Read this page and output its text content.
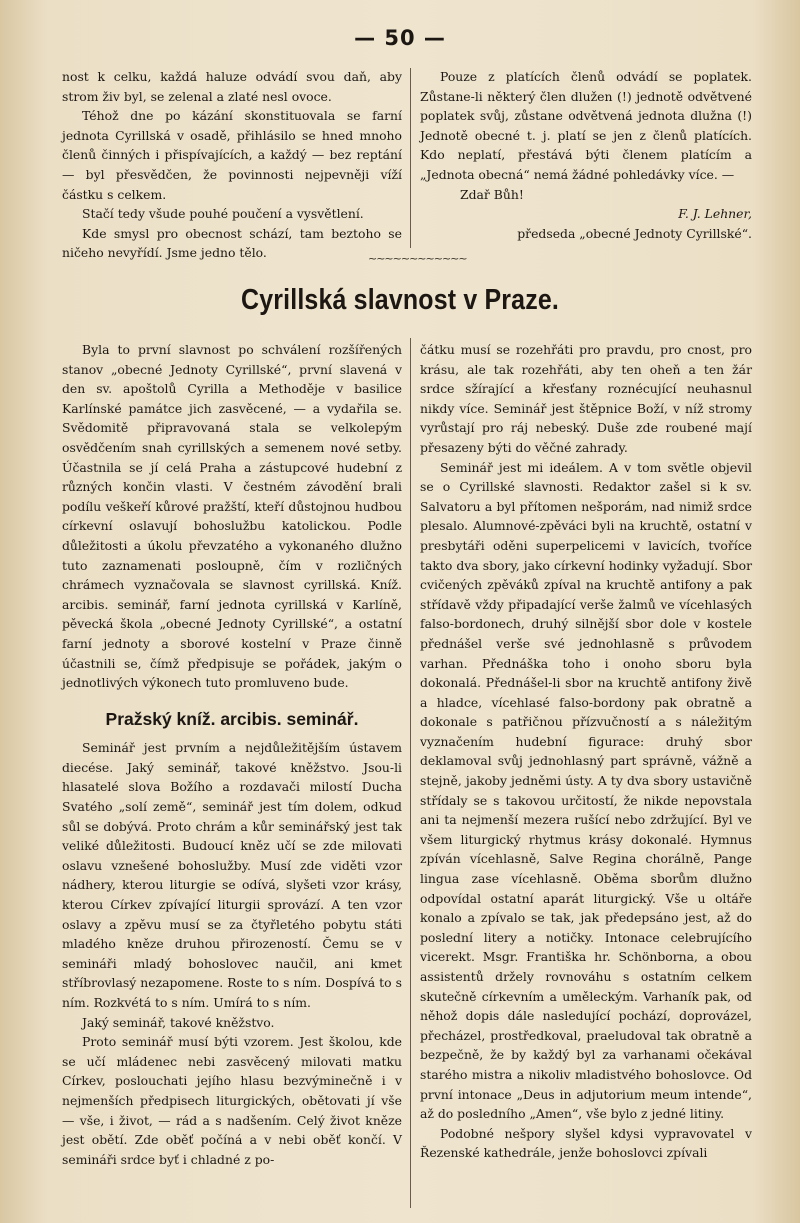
— 50 —

nost k celku, každá haluze odvádí svou daň, aby strom živ byl, se zelenal a zlaté nesl ovoce.

Téhož dne po kázání skonstituovala se farní jednota Cyrillská v osadě, přihlásilo se hned mnoho členů činných i přispívajících, a každý — bez reptání — byl přesvědčen, že povinnosti nejpevněji víží částku s celkem.

Stačí tedy všude pouhé poučení a vysvětlení.

Kde smysl pro obecnost schází, tam beztoho se ničeho nevyřídí. Jsme jedno tělo.

Pouze z platících členů odvádí se poplatek. Zůstane-li některý člen dlužen (!) jednotě odvětvené poplatek svůj, zůstane odvětvená jednota dlužna (!) Jednotě obecné t. j. platí se jen z členů platících. Kdo neplatí, přestává býti členem platícím a „Jednota obecná“ nemá žádné pohledávky více. —

Zdař Bůh!

F. J. Lehner,
předseda „obecné Jednoty Cyrillské“.
~~~~~~~~~~~~
Cyrillská slavnost v Praze.

Byla to první slavnost po schválení rozšířených stanov „obecné Jednoty Cyrillské“, první slavená v den sv. apoštolů Cyrilla a Methoděje v basilice Karlínské památce jich zasvěcené, — a vydařila se. Svědomitě připravovaná stala se velkolepým osvědčením snah cyrillských a semenem nové setby. Účastnila se jí celá Praha a zástupcové hudební z různých končin vlasti. V čestném závodění brali podílu veškeří kůrové pražští, kteří důstojnou hudbou církevní oslavují bohoslužbu katolickou. Podle důležitosti a úkolu převzatého a vykonaného dlužno tuto zaznamenati posloupně, čím v rozličných chrámech vyznačovala se slavnost cyrillská. Kníž. arcibis. seminář, farní jednota cyrillská v Karlíně, pěvecká škola „obecné Jednoty Cyrillské“, a ostatní farní jednoty a sborové kostelní v Praze činně účastnili se, čímž předpisuje se pořádek, jakým o jednotlivých výkonech tuto promluveno bude.

Pražský kníž. arcibis. seminář.

Seminář jest prvním a nejdůležitějším ústavem diecése. Jaký seminář, takové kněžstvo. Jsou-li hlasatelé slova Božího a rozdavači milostí Ducha Svatého „solí země“, seminář jest tím dolem, odkud sůl se dobývá. Proto chrám a kůr seminářský jest tak veliké důležitosti. Budoucí kněz učí se zde milovati oslavu vznešené bohoslužby. Musí zde viděti vzor nádhery, kterou liturgie se odívá, slyšeti vzor krásy, kterou Církev zpívající liturgii sprovází. A ten vzor oslavy a zpěvu musí se za čtyřletého pobytu státi mladého kněze druhou přirozeností. Čemu se v semináři mladý bohoslovec naučil, ani kmet stříbrovlasý nezapomene. Roste to s ním. Dospívá to s ním. Rozkvétá to s ním. Umírá to s ním.

Jaký seminář, takové kněžstvo.

Proto seminář musí býti vzorem. Jest školou, kde se učí mládenec nebi zasvěcený milovati matku Církev, poslouchati jejího hlasu bezvýminečně i v nejmenších předpisech liturgických, obětovati jí vše — vše, i život, — rád a s nadšením. Celý život kněze jest obětí. Zde oběť počíná a v nebi oběť končí. V semináři srdce byť i chladné z po-

čátku musí se rozehřáti pro pravdu, pro cnost, pro krásu, ale tak rozehřáti, aby ten oheň a ten žár srdce sžírající a křesťany roznécující neuhasnul nikdy více. Seminář jest štěpnice Boží, v níž stromy vyrůstají pro ráj nebeský. Duše zde roubené mají přesazeny býti do věčné zahrady.

Seminář jest mi ideálem. A v tom světle objevil se o Cyrillské slavnosti. Redaktor zašel si k sv. Salvatoru a byl přítomen nešporám, nad nimiž srdce plesalo. Alumnové-zpěváci byli na kruchtě, ostatní v presbytáři oděni superpelicemi v lavicích, tvoříce takto dva sbory, jako církevní hodinky vyžadují. Sbor cvičených zpěváků zpíval na kruchtě antifony a pak střídavě vždy připadající verše žalmů ve vícehlasých falso-bordonech, druhý silnější sbor dole v kostele přednášel verše své jednohlasně s průvodem varhan. Přednáška toho i onoho sboru byla dokonalá. Přednášel-li sbor na kruchtě antifony živě a hladce, vícehlasé falso-bordony pak obratně a dokonale s patřičnou přízvučností a s náležitým vyznačením hudební figurace: druhý sbor deklamoval svůj jednohlasný part správně, vážně a stejně, jakoby jedněmi ústy. A ty dva sbory ustavičně střídaly se s takovou určitostí, že nikde nepovstala ani ta nejmenší mezera rušící nebo zdržující. Byl ve všem liturgický rhytmus krásy dokonalé. Hymnus zpíván vícehlasně, Salve Regina chorálně, Pange lingua zase vícehlasně. Oběma sborům dlužno odpovídal ostatní aparát liturgický. Vše u oltáře konalo a zpívalo se tak, jak předepsáno jest, až do poslední litery a notičky. Intonace celebrujícího vicerekt. Msgr. Františka hr. Schönborna, a obou assistentů držely rovnováhu s ostatním celkem skutečně církevním a uměleckým. Varhaník pak, od něhož dopis dále nasledující pochází, doprovázel, přecházel, prostředkoval, praeludoval tak obratně a bezpečně, že by každý byl za varhanami očekával starého mistra a nikoliv mladistvého bohoslovce. Od první intonace „Deus in adjutorium meum intende“, až do posledního „Amen“, vše bylo z jedné litiny.

Podobné nešpory slyšel kdysi vypravovatel v Řezenské kathedrále, jenže bohoslovci zpívali
